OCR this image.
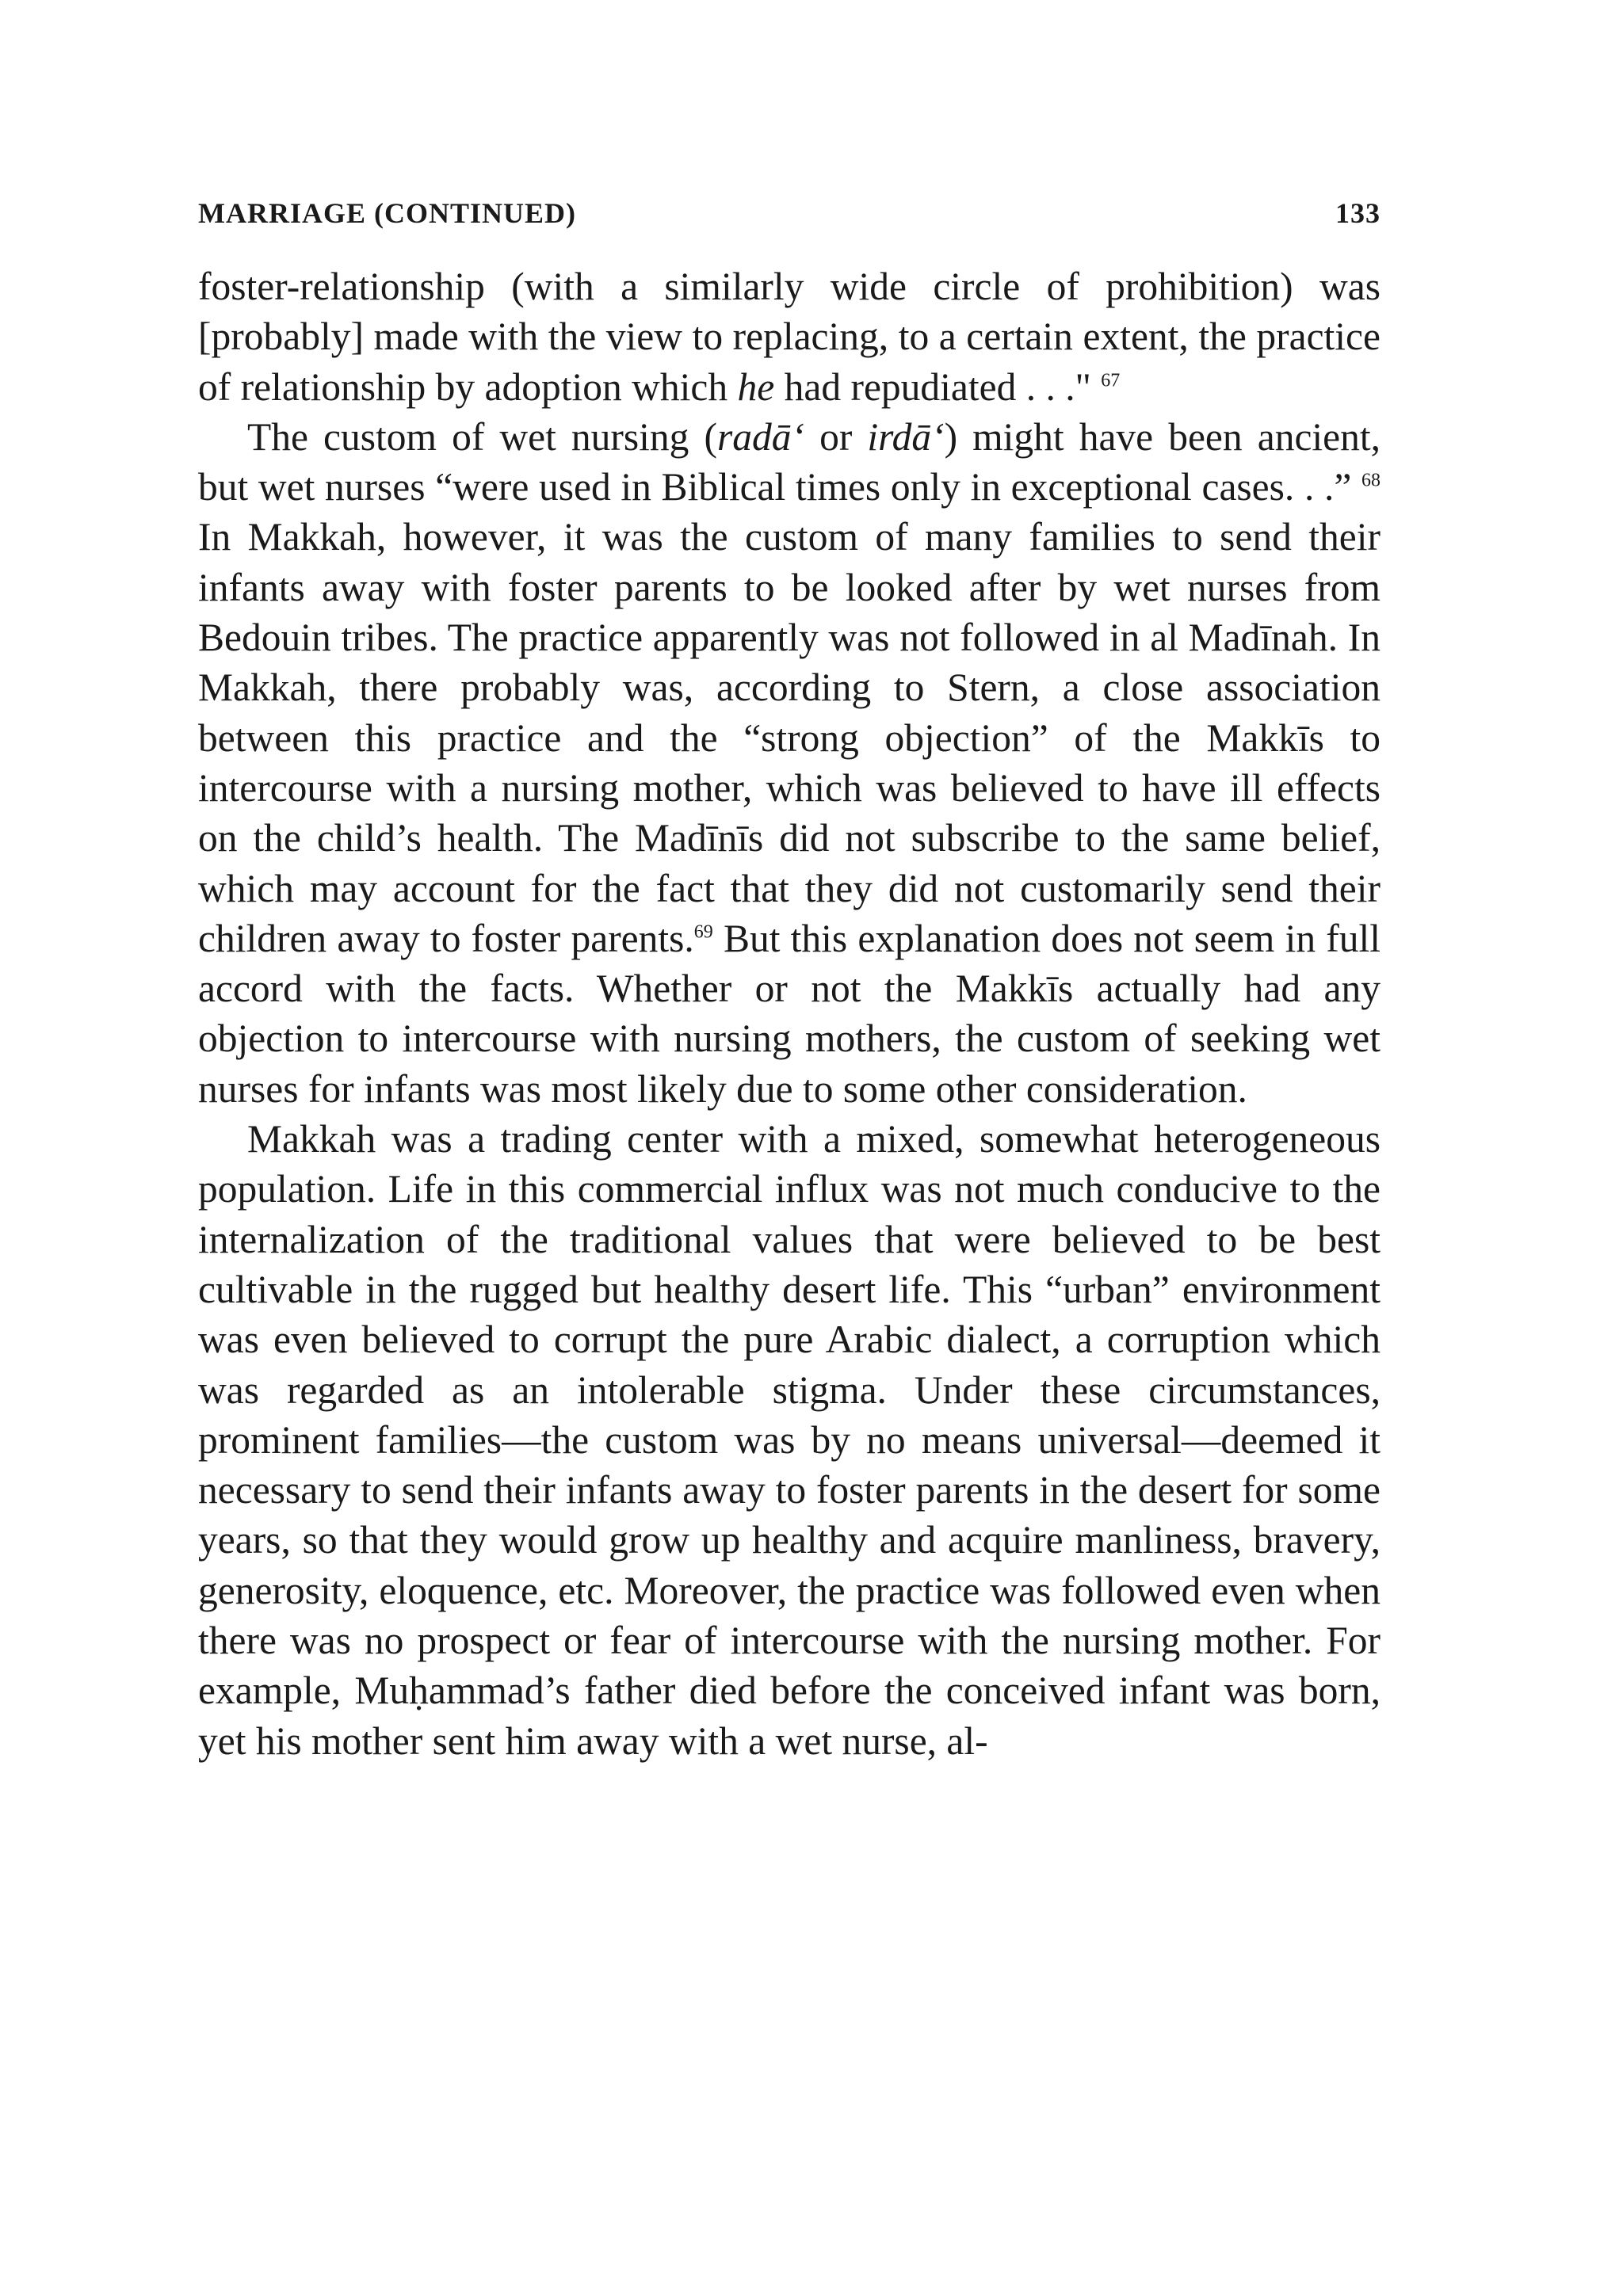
MARRIAGE (CONTINUED)	133

foster-relationship (with a similarly wide circle of prohibition) was [probably] made with the view to replacing, to a certain extent, the practice of relationship by adoption which he had repudiated . . ." $^{67}$

The custom of wet nursing (radā‘ or irdā‘) might have been ancient, but wet nurses “were used in Biblical times only in exceptional cases. . .” $^{68}$ In Makkah, however, it was the custom of many families to send their infants away with foster parents to be looked after by wet nurses from Bedouin tribes. The practice apparently was not followed in al Madīnah. In Makkah, there probably was, according to Stern, a close association between this practice and the “strong objection” of the Makkīs to intercourse with a nursing mother, which was believed to have ill effects on the child’s health. The Madīnīs did not subscribe to the same belief, which may account for the fact that they did not customarily send their children away to foster parents.$^{69}$ But this explanation does not seem in full accord with the facts. Whether or not the Makkīs actually had any objection to intercourse with nursing mothers, the custom of seeking wet nurses for infants was most likely due to some other consideration.

Makkah was a trading center with a mixed, somewhat heterogeneous population. Life in this commercial influx was not much conducive to the internalization of the traditional values that were believed to be best cultivable in the rugged but healthy desert life. This “urban” environment was even believed to corrupt the pure Arabic dialect, a corruption which was regarded as an intolerable stigma. Under these circumstances, prominent families—the custom was by no means universal—deemed it necessary to send their infants away to foster parents in the desert for some years, so that they would grow up healthy and acquire manliness, bravery, generosity, eloquence, etc. Moreover, the practice was followed even when there was no prospect or fear of intercourse with the nursing mother. For example, Muḥammad’s father died before the conceived infant was born, yet his mother sent him away with a wet nurse, al-
